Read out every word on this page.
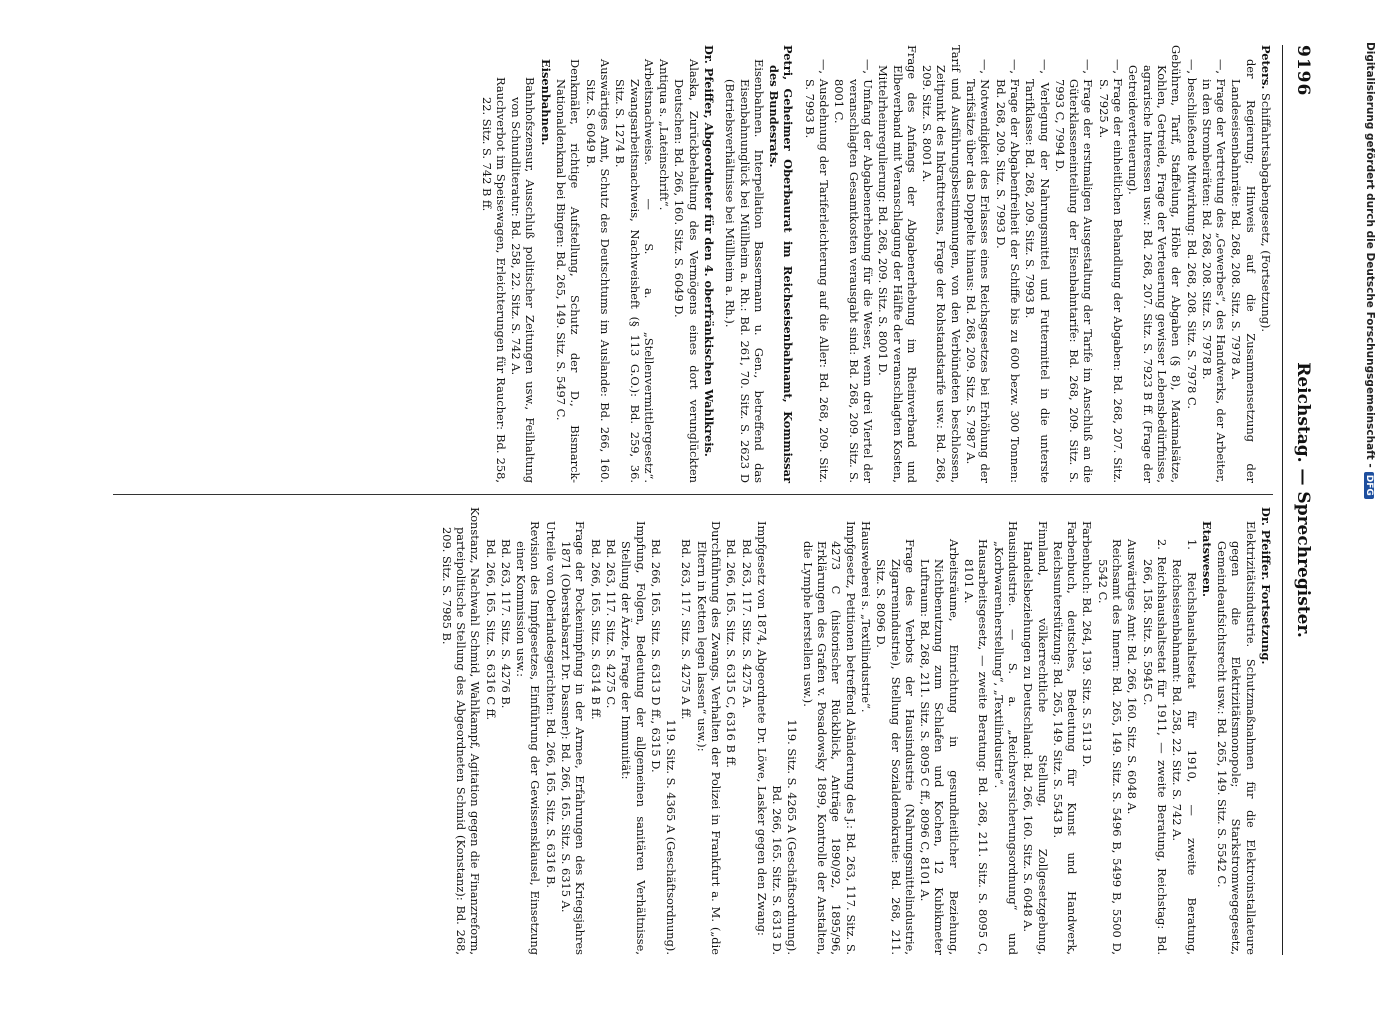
9196
Reichstag. — Sprechregister.

Peters. Schiffahrtsabgabengesetz, (Fortsetzung).

der Regierung; Hinweis auf die Zusammensetzung der Landeseisenbahnräte: Bd. 268, 208. Sitz. S. 7978 A.

—, Frage der Vertretung des „Gewerbes“, des Handwerks, der Arbeiter, in den Strombeiräten: Bd. 268, 208. Sitz. S. 7978 B.

—, beschließende Mitwirkung: Bd. 268, 208. Sitz. S. 7978 C.

Gebühren, Tarif, Staffelung, Höhe der Abgaben (§ 8), Maximalsätze, Kohlen, Getreide, Frage der Verteuerung gewisser Lebensbedürfnisse, agrarische Interessen usw.: Bd. 268, 207. Sitz. S. 7923 B ff. (Frage der Getreideverteuerung).

—, Frage der einheitlichen Behandlung der Abgaben: Bd. 268, 207. Sitz. S. 7925 A.

—, Frage der erstmaligen Ausgestaltung der Tarife im Anschluß an die Güterklasseneinteilung der Eisenbahntarife: Bd. 268, 209. Sitz. S. 7993 C, 7994 D.

—, Verlegung der Nahrungsmittel und Futtermittel in die unterste Tarifklasse: Bd. 268, 209. Sitz. S. 7993 B.

—, Frage der Abgabenfreiheit der Schiffe bis zu 600 bezw. 300 Tonnen: Bd. 268, 209. Sitz. S. 7993 D.

—, Notwendigkeit des Erlasses eines Reichsgesetzes bei Erhöhung der Tarifsätze über das Doppelte hinaus: Bd. 268, 209. Sitz. S. 7987 A.

Tarif und Ausführungsbestimmungen, von den Verbündeten beschlossen, Zeitpunkt des Inkrafttretens, Frage der Rohstandstarife usw.: Bd. 268, 209. Sitz. S. 8001 A.

Frage des Anfangs der Abgabenerhebung im Rheinverband und Elbeverband mit Veranschlagung der Hälfte der veranschlagten Kosten, Mittelrheinregulierung: Bd. 268, 209. Sitz. S. 8001 D.

—, Umfang der Abgabenerhebung für die Weser, wenn drei Viertel der veranschlagten Gesamtkosten verausgabt sind: Bd. 268, 209. Sitz. S. 8001 C.

—, Ausdehnung der Tariferleichterung auf die Aller: Bd. 268, 209. Sitz. S. 7993 B.

Petri, Geheimer Oberbaurat im Reichseisenbahnamt, Kommissar des Bundesrats.

Eisenbahnen. Interpellation Bassermann u. Gen., betreffend das Eisenbahnunglück bei Müllheim a. Rh.: Bd. 261, 70. Sitz. S. 2623 D (Betriebsverhältnisse bei Müllheim a. Rh.).

Dr. Pfeiffer, Abgeordneter für den 4. oberfränkischen Wahlkreis.

Alaska, Zurückbehaltung des Vermögens eines dort verunglückten Deutschen: Bd. 266, 160. Sitz. S. 6049 D.

Antiqua s. „Lateinschrift“.

Arbeitsnachweise. — S. a. „Stellenvermittlergesetz“. Zwangsarbeitsnachweis, Nachweisheft (§ 113 G.O.): Bd. 259, 36. Sitz. S. 1274 B.

Auswärtiges Amt, Schutz des Deutschtums im Auslande: Bd. 266, 160. Sitz. S. 6049 B.

Denkmäler, richtige Aufstellung, Schutz der D., Bismarck-Nationaldenkmal bei Bingen: Bd. 265, 149. Sitz. S. 5497 C.

Eisenbahnen.

Bahnhofszensur, Ausschluß politischer Zeitungen usw., Feilhaltung von Schundliteratur: Bd. 258, 22. Sitz. S. 742 A.

Rauchverbot im Speisewagen, Erleichterungen für Raucher: Bd. 258, 22. Sitz. S. 742 B ff.

Dr. Pfeiffer. Fortsetzung.

Elektrizitätsindustrie. Schutzmaßnahmen für die Elektroinstallateure gegen die Elektrizitätsmonopole; Starkstromwegegesetz, Gemeindeaufsichtsrecht usw.: Bd. 265, 149. Sitz. S. 5542 C.

Etatswesen.

1. Reichshaushaltsetat für 1910, — zweite Beratung, Reichseisenbahnamt: Bd. 258, 22. Sitz. S. 742 A.

2. Reichshaushaltsetat für 1911, — zweite Beratung, Reichstag: Bd. 266, 158. Sitz. S. 5945 C.

Auswärtiges Amt: Bd. 266, 160. Sitz. S. 6048 A.

Reichsamt des Innern: Bd. 265, 149. Sitz. S. 5496 B, 5499 B, 5500 D, 5542 C.

Farbenbuch: Bd. 264, 139. Sitz. S. 5113 D.

Farbenbuch, deutsches, Bedeutung für Kunst und Handwerk, Reichsunterstützung: Bd. 265, 149. Sitz. S. 5543 B.

Finnland, völkerrechtliche Stellung, Zollgesetzgebung, Handelsbeziehungen zu Deutschland: Bd. 266, 160. Sitz. S. 6048 A.

Hausindustrie. — S. a. „Reichsversicherungsordnung“ und „Korbwarenherstellung“, „Textilindustrie“.

Hausarbeitsgesetz, — zweite Beratung: Bd. 268, 211. Sitz. S. 8095 C, 8101 A.

Arbeitsräume, Einrichtung in gesundheitlicher Beziehung, Nichtbenutzung zum Schlafen und Kochen, 12 Kubikmeter Luftraum: Bd. 268, 211. Sitz. S. 8095 C ff., 8096 C, 8101 A.

Frage des Verbots der Hausindustrie (Nahrungsmittelindustrie, Zigarrenindustrie), Stellung der Sozialdemokratie: Bd. 268, 211. Sitz. S. 8096 D.

Hausweberei s. „Textilindustrie“.

Impfgesetz, Petitionen betreffend Abänderung des J.: Bd. 263, 117. Sitz. S. 4273 C (historischer Rückblick, Anträge 1890/92, 1895/96, Erklärungen des Grafen v. Posadowsky 1899, Kontrolle der Anstalten, die Lymphe herstellen usw.).

119. Sitz. S. 4265 A (Geschäftsordnung).

Bd. 266, 165. Sitz. S. 6313 D.

Impfgesetz von 1874, Abgeordnete Dr. Löwe, Lasker gegen den Zwang:

Bd. 263, 117. Sitz. S. 4275 A.

Bd. 266, 165. Sitz. S. 6315 C, 6316 B ff.

Durchführung des Zwangs, Verhalten der Polizei in Frankfurt a. M. („die Eltern in Ketten legen lassen“ usw.):

Bd. 263, 117. Sitz. S. 4275 A ff.

119. Sitz. S. 4365 A (Geschäftsordnung).

Bd. 266, 165. Sitz. S. 6313 D ff., 6315 D.

Impfung, Folgen, Bedeutung der allgemeinen sanitären Verhältnisse, Stellung der Ärzte, Frage der Immunität:

Bd. 263, 117. Sitz. S. 4275 C.

Bd. 266, 165. Sitz. S. 6314 B ff.

Frage der Pockenimpfung in der Armee, Erfahrungen des Kriegsjahres 1871 (Oberstabsarzt Dr. Dassner): Bd. 266, 165. Sitz. S. 6315 A.

Urteile von Oberlandesgerichten: Bd. 266, 165. Sitz. S. 6316 B.

Revision des Impfgesetzes, Einführung der Gewissensklausel, Einsetzung einer Kommission usw.:

Bd. 263, 117. Sitz. S. 4276 B.

Bd. 266, 165. Sitz. S. 6316 C ff.

Konstanz, Nachwahl Schmid, Wahlkampf, Agitation gegen die Finanzreform, parteipolitische Stellung des Abgeordneten Schmid (Konstanz): Bd. 268, 209. Sitz. S. 7985 B.

Digitalisierung gefördert durch die Deutsche Forschungsgemeinschaft -DFG
